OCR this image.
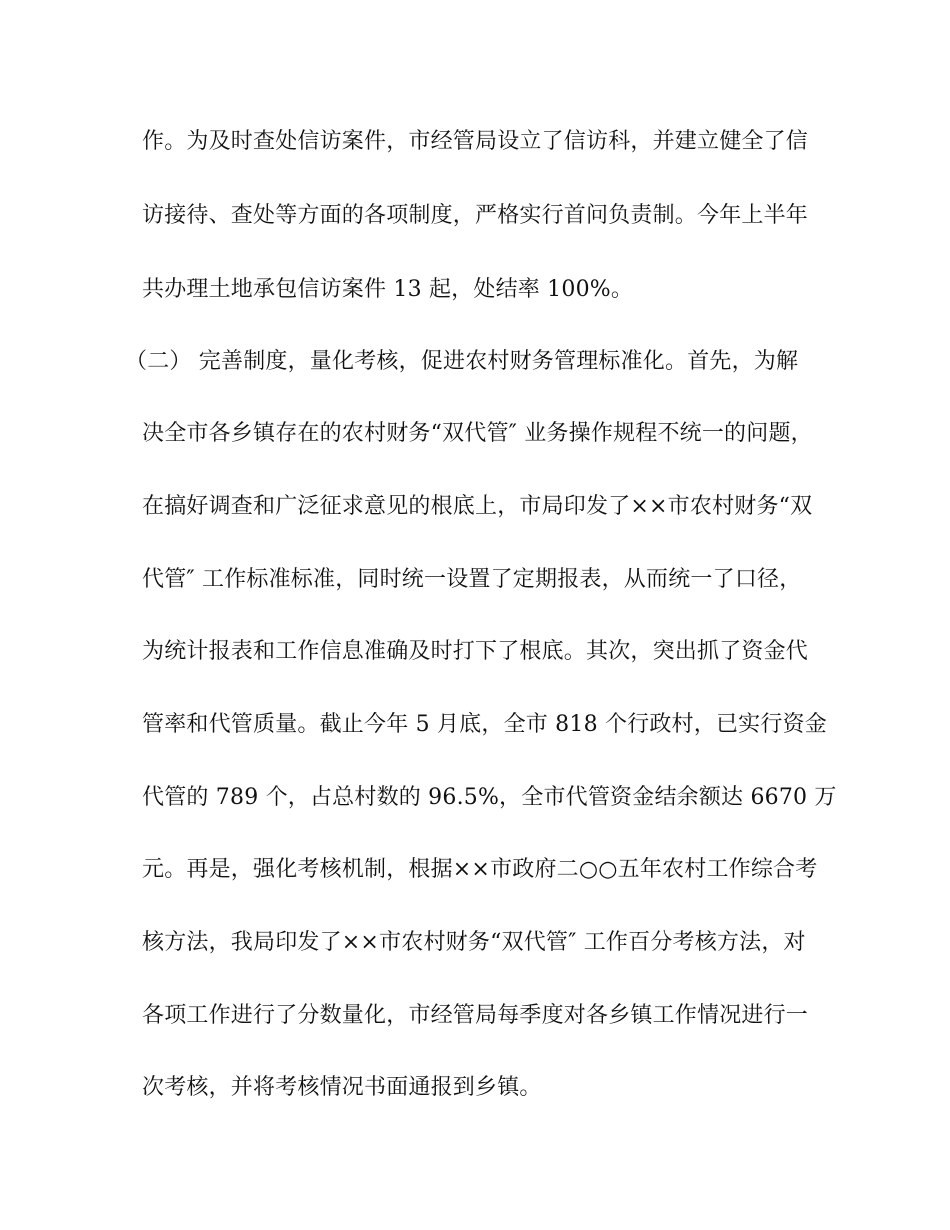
作。为及时查处信访案件，市经管局设立了信访科，并建立健全了信
访接待、查处等方面的各项制度，严格实行首问负责制。今年上半年
共办理土地承包信访案件 13 起，处结率 100%。
（二） 完善制度，量化考核，促进农村财务管理标准化。首先，为解
决全市各乡镇存在的农村财务“双代管″ 业务操作规程不统一的问题，
在搞好调查和广泛征求意见的根底上，市局印发了××市农村财务“双
代管″ 工作标准标准，同时统一设置了定期报表，从而统一了口径，
为统计报表和工作信息准确及时打下了根底。其次，突出抓了资金代
管率和代管质量。截止今年 5 月底，全市 818 个行政村，已实行资金
代管的 789 个，占总村数的 96.5%，全市代管资金结余额达 6670 万
元。再是，强化考核机制，根据××市政府二○○五年农村工作综合考
核方法，我局印发了××市农村财务“双代管″ 工作百分考核方法，对
各项工作进行了分数量化，市经管局每季度对各乡镇工作情况进行一
次考核，并将考核情况书面通报到乡镇。
